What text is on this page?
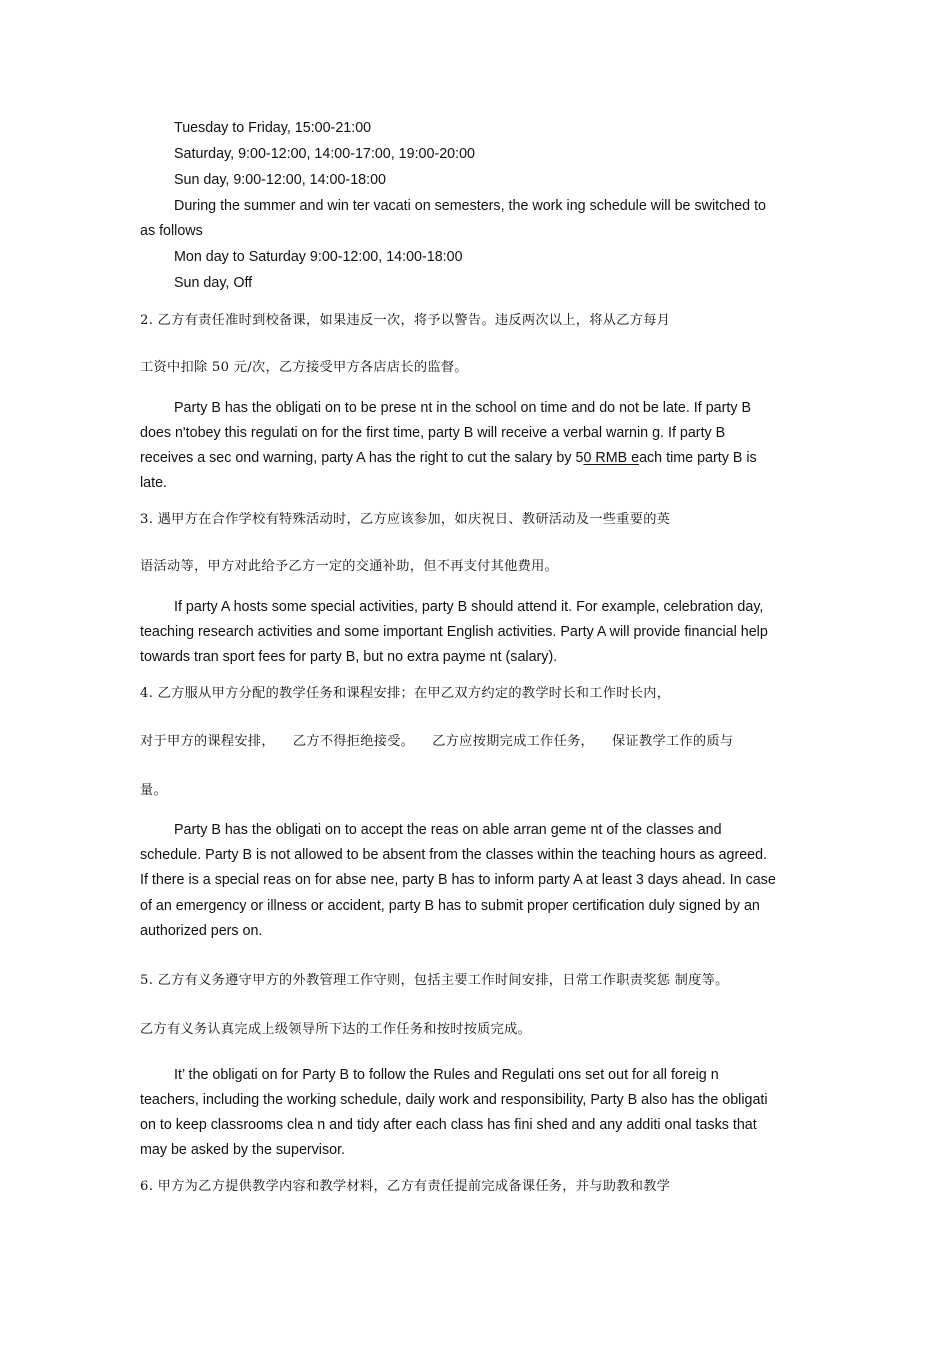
Tuesday to Friday, 15:00-21:00

Saturday, 9:00-12:00, 14:00-17:00, 19:00-20:00

Sun day, 9:00-12:00, 14:00-18:00

During the summer and win ter vacati on semesters, the work ing schedule will be switched to

as follows

Mon day to Saturday 9:00-12:00, 14:00-18:00

Sun day, Off

2. 乙方有责任准时到校备课，如果违反一次，将予以警告。违反两次以上，将从乙方每月

工资中扣除 50 元/次，乙方接受甲方各店店长的监督。

Party B has the obligati on to be prese nt in the school on time and do not be late. If party B

does n'tobey this regulati on for the first time, party B will receive a verbal warnin g. If party B

receives a sec ond warning, party A has the right to cut the salary by 50 RMB each time party B is

late.

3. 遇甲方在合作学校有特殊活动时，乙方应该参加，如庆祝日、教研活动及一些重要的英

语活动等，甲方对此给予乙方一定的交通补助，但不再支付其他费用。

If party A hosts some special activities, party B should attend it. For example, celebration day,

teaching research activities and some important English activities. Party A will provide financial help

towards tran sport fees for party B, but no extra payme nt (salary).

4. 乙方服从甲方分配的教学任务和课程安排；在甲乙双方约定的教学时长和工作时长内，

对于甲方的课程安排，    乙方不得拒绝接受。    乙方应按期完成工作任务，    保证教学工作的质与

量。

Party B has the obligati on to accept the reas on able arran geme nt of the classes and

schedule. Party B is not allowed to be absent from the classes within the teaching hours as agreed.

If there is a special reas on for abse nee, party B has to inform party A at least 3 days ahead. In case

of an emergency or illness or accident, party B has to submit proper certification duly signed by an

authorized pers on.

5. 乙方有义务遵守甲方的外教管理工作守则，包括主要工作时间安排，日常工作职责奖惩 制度等。

乙方有义务认真完成上级领导所下达的工作任务和按时按质完成。

It’ the obligati on for Party B to follow the Rules and Regulati ons set out for all foreig n

teachers, including the working schedule, daily work and responsibility, Party B also has the obligati

on to keep classrooms clea n and tidy after each class has fini shed and any additi onal tasks that

may be asked by the supervisor.

6. 甲方为乙方提供教学内容和教学材料，乙方有责任提前完成备课任务，并与助教和教学
